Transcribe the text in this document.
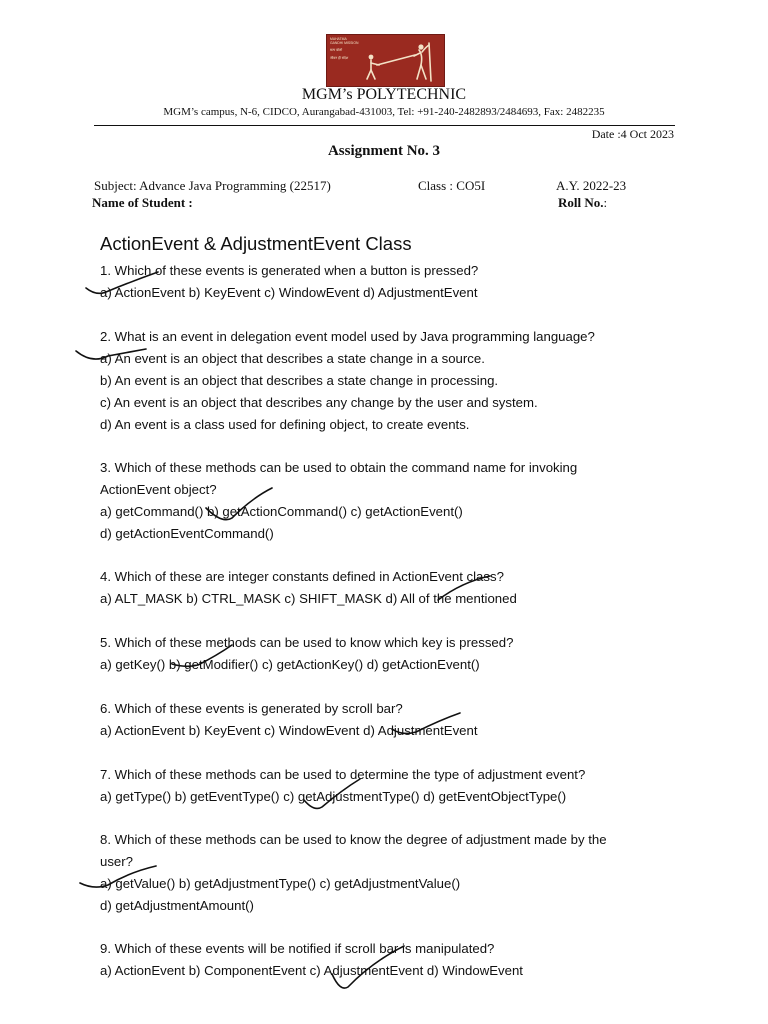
MAHATMA GANDHI MISSION
सत्य बोलो
जीवन ही संदेश
MGM’s POLYTECHNIC
MGM’s campus, N-6, CIDCO, Aurangabad-431003, Tel: +91-240-2482893/2484693, Fax: 2482235
Date :4 Oct 2023
Assignment No. 3
Subject: Advance Java Programming (22517)	Class : CO5I	A.Y. 2022-23
Name of Student :	Roll No.:
ActionEvent & AdjustmentEvent Class
1. Which of these events is generated when a button is pressed?
a) ActionEvent b) KeyEvent c) WindowEvent d) AdjustmentEvent
2. What is an event in delegation event model used by Java programming language?
a) An event is an object that describes a state change in a source.
b) An event is an object that describes a state change in processing.
c) An event is an object that describes any change by the user and system.
d) An event is a class used for defining object, to create events.
3. Which of these methods can be used to obtain the command name for invoking
ActionEvent object?
a) getCommand() b) getActionCommand() c) getActionEvent()
d) getActionEventCommand()
4. Which of these are integer constants defined in ActionEvent class?
a) ALT_MASK b) CTRL_MASK c) SHIFT_MASK d) All of the mentioned
5. Which of these methods can be used to know which key is pressed?
a) getKey() b) getModifier() c) getActionKey() d) getActionEvent()
6. Which of these events is generated by scroll bar?
a) ActionEvent b) KeyEvent c) WindowEvent d) AdjustmentEvent
7. Which of these methods can be used to determine the type of adjustment event?
a) getType() b) getEventType() c) getAdjustmentType() d) getEventObjectType()
8. Which of these methods can be used to know the degree of adjustment made by the
user?
a) getValue() b) getAdjustmentType() c) getAdjustmentValue()
d) getAdjustmentAmount()
9. Which of these events will be notified if scroll bar is manipulated?
a) ActionEvent b) ComponentEvent c) AdjustmentEvent d) WindowEvent
